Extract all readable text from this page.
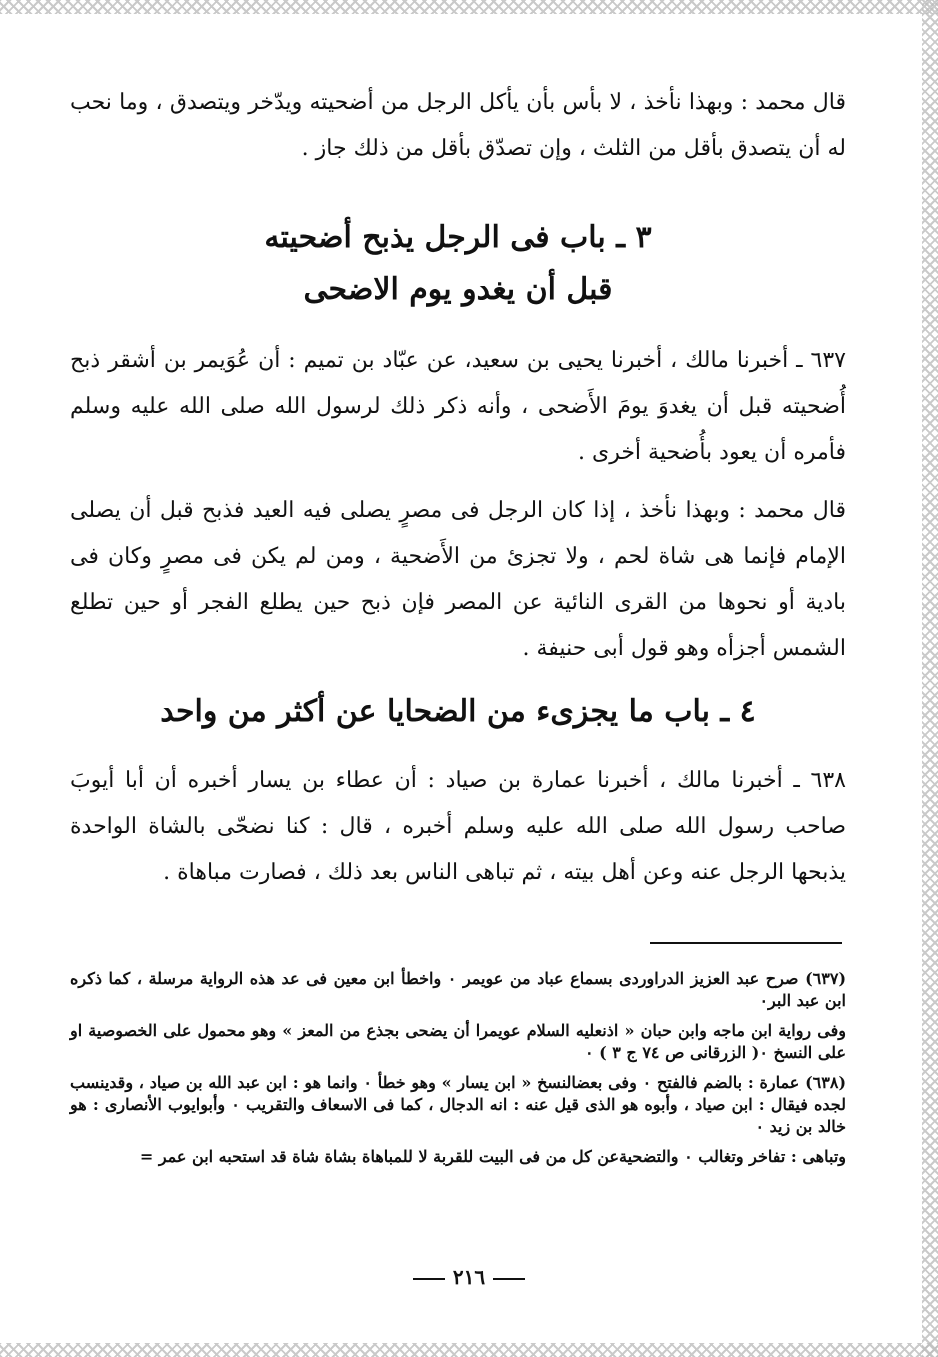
قال محمد : وبهذا نأخذ ، لا بأس بأن يأكل الرجل من أضحيته ويدّخر ويتصدق ، وما نحب له أن يتصدق بأقل من الثلث ، وإن تصدّق بأقل من ذلك جاز .

٣ ـ باب فى الرجل يذبح أضحيته
قبل أن يغدو يوم الاضحى

٦٣٧ ـ أخبرنا مالك ، أخبرنا يحيى بن سعيد، عن عبّاد بن تميم : أن عُوَيمر بن أشقر ذبح أُضحيته قبل أن يغدوَ يومَ الأَضحى ، وأنه ذكر ذلك لرسول الله صلى الله عليه وسلم فأمره أن يعود بأُضحية أخرى .

قال محمد : وبهذا نأخذ ، إذا كان الرجل فى مصرٍ يصلى فيه العيد فذبح قبل أن يصلى الإمام فإنما هى شاة لحم ، ولا تجزئ من الأَضحية ، ومن لم يكن فى مصرٍ وكان فى بادية أو نحوها من القرى النائية عن المصر فإن ذبح حين يطلع الفجر أو حين تطلع الشمس أجزأه وهو قول أبى حنيفة .

٤ ـ باب ما يجزىء من الضحايا عن أكثر من واحد

٦٣٨ ـ أخبرنا مالك ، أخبرنا عمارة بن صياد : أن عطاء بن يسار أخبره أن أبا أيوبَ صاحب رسول الله صلى الله عليه وسلم أخبره ، قال : كنا نضحّى بالشاة الواحدة يذبحها الرجل عنه وعن أهل بيته ، ثم تباهى الناس بعد ذلك ، فصارت مباهاة .

(٦٣٧) صرح عبد العزيز الدراوردى بسماع عباد من عويمر ٠ واخطأ ابن معين فى عد هذه الرواية مرسلة ، كما ذكره ابن عبد البر٠

وفى رواية ابن ماجه وابن حبان « اذنعليه السلام عويمرا أن يضحى بجذع من المعز » وهو محمول على الخصوصية او على النسخ ٠( الزرقانى ص ٧٤ ج ٣ ) ٠

(٦٣٨) عمارة : بالضم فالفتح ٠ وفى بعضالنسخ « ابن يسار » وهو خطأ ٠ وانما هو : ابن عبد الله بن صياد ، وقدينسب لجده فيقال : ابن صياد ، وأبوه هو الذى قيل عنه : انه الدجال ، كما فى الاسعاف والتقريب ٠ وأبوايوب الأنصارى : هو خالد بن زيد ٠

وتباهى : تفاخر وتغالب ٠ والتضحيةعن كل من فى البيت للقربة لا للمباهاة بشاة شاة قد استحبه ابن عمر =

٢١٦
